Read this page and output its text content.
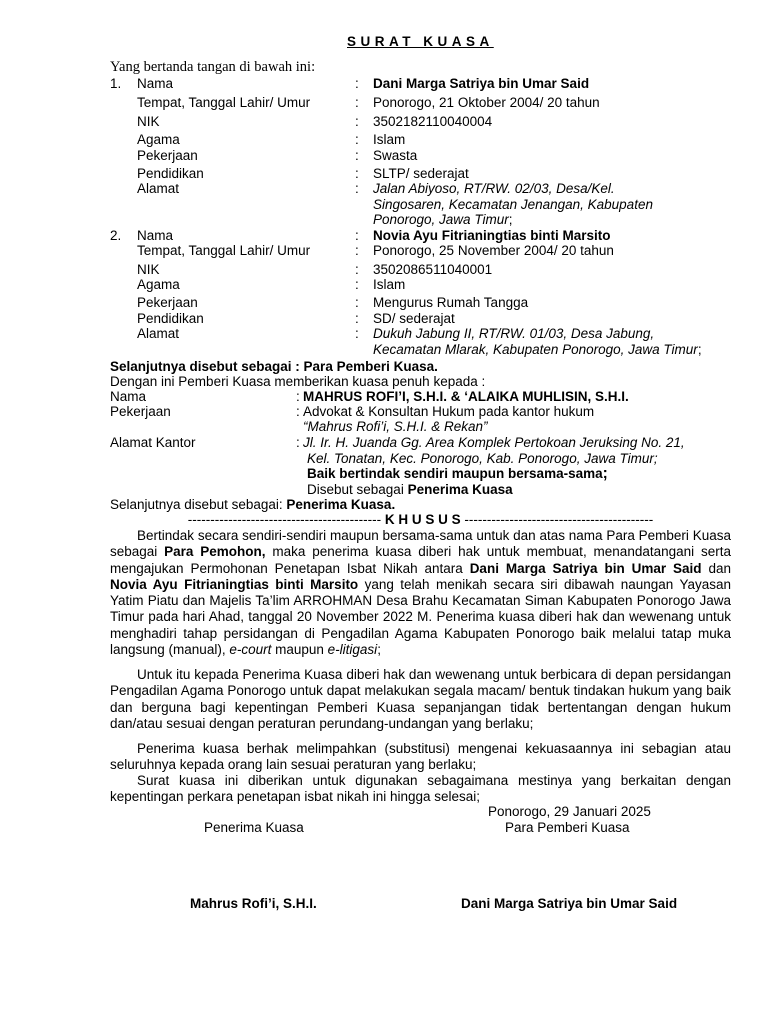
SURAT KUASA
Yang bertanda tangan di bawah ini:
1. Nama	: Dani Marga Satriya bin Umar Said
Tempat, Tanggal Lahir/ Umur	: Ponorogo, 21 Oktober 2004/ 20 tahun
NIK	: 3502182110040004
Agama	: Islam
Pekerjaan	: Swasta
Pendidikan	: SLTP/ sederajat
Alamat	: Jalan Abiyoso, RT/RW. 02/03, Desa/Kel.
Singosaren, Kecamatan Jenangan, Kabupaten
Ponorogo, Jawa Timur;
2. Nama	: Novia Ayu Fitrianingtias binti Marsito
Tempat, Tanggal Lahir/ Umur	: Ponorogo, 25 November 2004/ 20 tahun
NIK	: 3502086511040001
Agama	: Islam
Pekerjaan	: Mengurus Rumah Tangga
Pendidikan	: SD/ sederajat
Alamat	: Dukuh Jabung II, RT/RW. 01/03, Desa Jabung,
Kecamatan Mlarak, Kabupaten Ponorogo, Jawa Timur;
Selanjutnya disebut sebagai : Para Pemberi Kuasa.
Dengan ini Pemberi Kuasa memberikan kuasa penuh kepada :
Nama	: MAHRUS ROFI’I, S.H.I. & ‘ALAIKA MUHLISIN, S.H.I.
Pekerjaan	: Advokat & Konsultan Hukum pada kantor hukum
“Mahrus Rofi’i, S.H.I. & Rekan”
Alamat Kantor	: Jl. Ir. H. Juanda Gg. Area Komplek Pertokoan Jeruksing No. 21,
Kel. Tonatan, Kec. Ponorogo, Kab. Ponorogo, Jawa Timur;
Baik bertindak sendiri maupun bersama-sama;
Disebut sebagai Penerima Kuasa
Selanjutnya disebut sebagai: Penerima Kuasa.
------------------------------------------- K H U S U S ------------------------------------------
Bertindak secara sendiri-sendiri maupun bersama-sama untuk dan atas nama Para Pemberi Kuasa sebagai Para Pemohon, maka penerima kuasa diberi hak untuk membuat, menandatangani serta mengajukan Permohonan Penetapan Isbat Nikah antara Dani Marga Satriya bin Umar Said dan Novia Ayu Fitrianingtias binti Marsito yang telah menikah secara siri dibawah naungan Yayasan Yatim Piatu dan Majelis Ta’lim ARROHMAN Desa Brahu Kecamatan Siman Kabupaten Ponorogo Jawa Timur pada hari Ahad, tanggal 20 November 2022 M. Penerima kuasa diberi hak dan wewenang untuk menghadiri tahap persidangan di Pengadilan Agama Kabupaten Ponorogo baik melalui tatap muka langsung (manual), e-court maupun e-litigasi;
Untuk itu kepada Penerima Kuasa diberi hak dan wewenang untuk berbicara di depan persidangan Pengadilan Agama Ponorogo untuk dapat melakukan segala macam/ bentuk tindakan hukum yang baik dan berguna bagi kepentingan Pemberi Kuasa sepanjangan tidak bertentangan dengan hukum dan/atau sesuai dengan peraturan perundang-undangan yang berlaku;
Penerima kuasa berhak melimpahkan (substitusi) mengenai kekuasaannya ini sebagian atau seluruhnya kepada orang lain sesuai peraturan yang berlaku;
Surat kuasa ini diberikan untuk digunakan sebagaimana mestinya yang berkaitan dengan kepentingan perkara penetapan isbat nikah ini hingga selesai;
Ponorogo, 29 Januari 2025
Penerima Kuasa	Para Pemberi Kuasa
Mahrus Rofi’i, S.H.I.	Dani Marga Satriya bin Umar Said
